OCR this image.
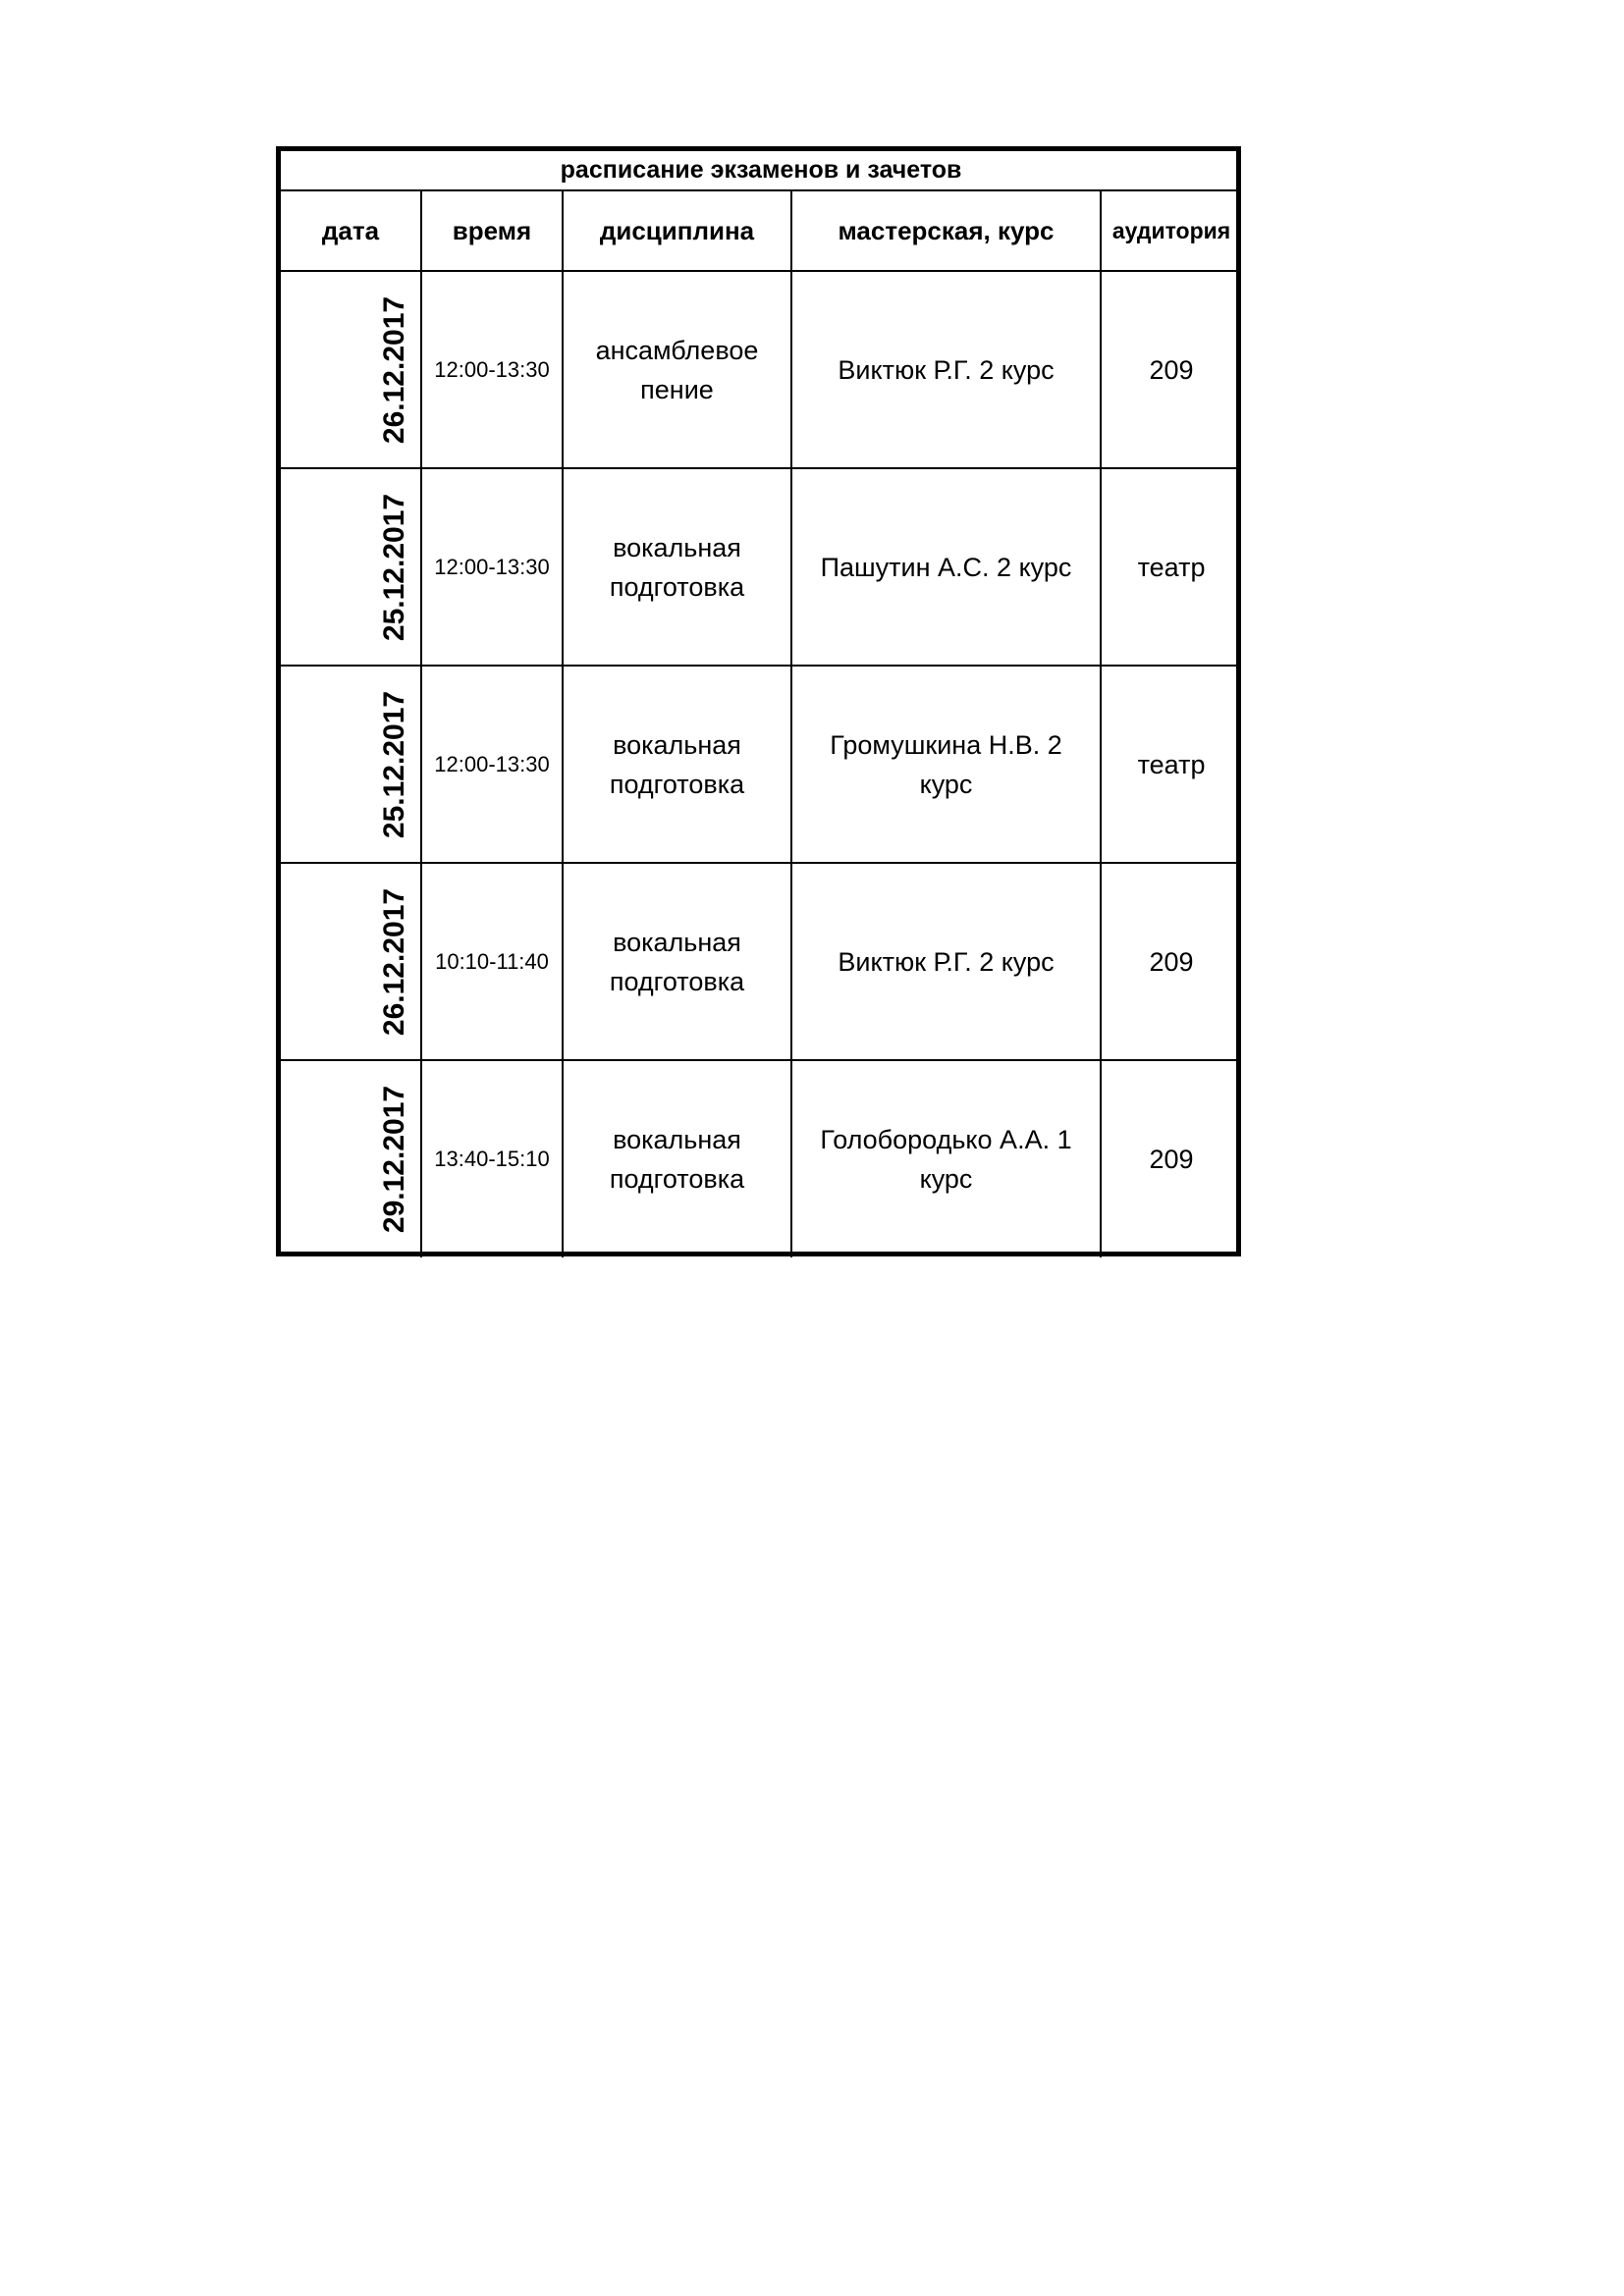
расписание экзаменов и зачетов				
дата	время	дисциплина	мастерская, курс	аудитория

26.12.2017	12:00-13:30	ансамблевое пение	Виктюк Р.Г. 2 курс	209

25.12.2017	12:00-13:30	вокальная подготовка	Пашутин А.С. 2 курс	театр

25.12.2017	12:00-13:30	вокальная подготовка	Громушкина Н.В. 2 курс	театр

26.12.2017	10:10-11:40	вокальная подготовка	Виктюк Р.Г. 2 курс	209

29.12.2017	13:40-15:10	вокальная подготовка	Голобородько А.А. 1 курс	209
